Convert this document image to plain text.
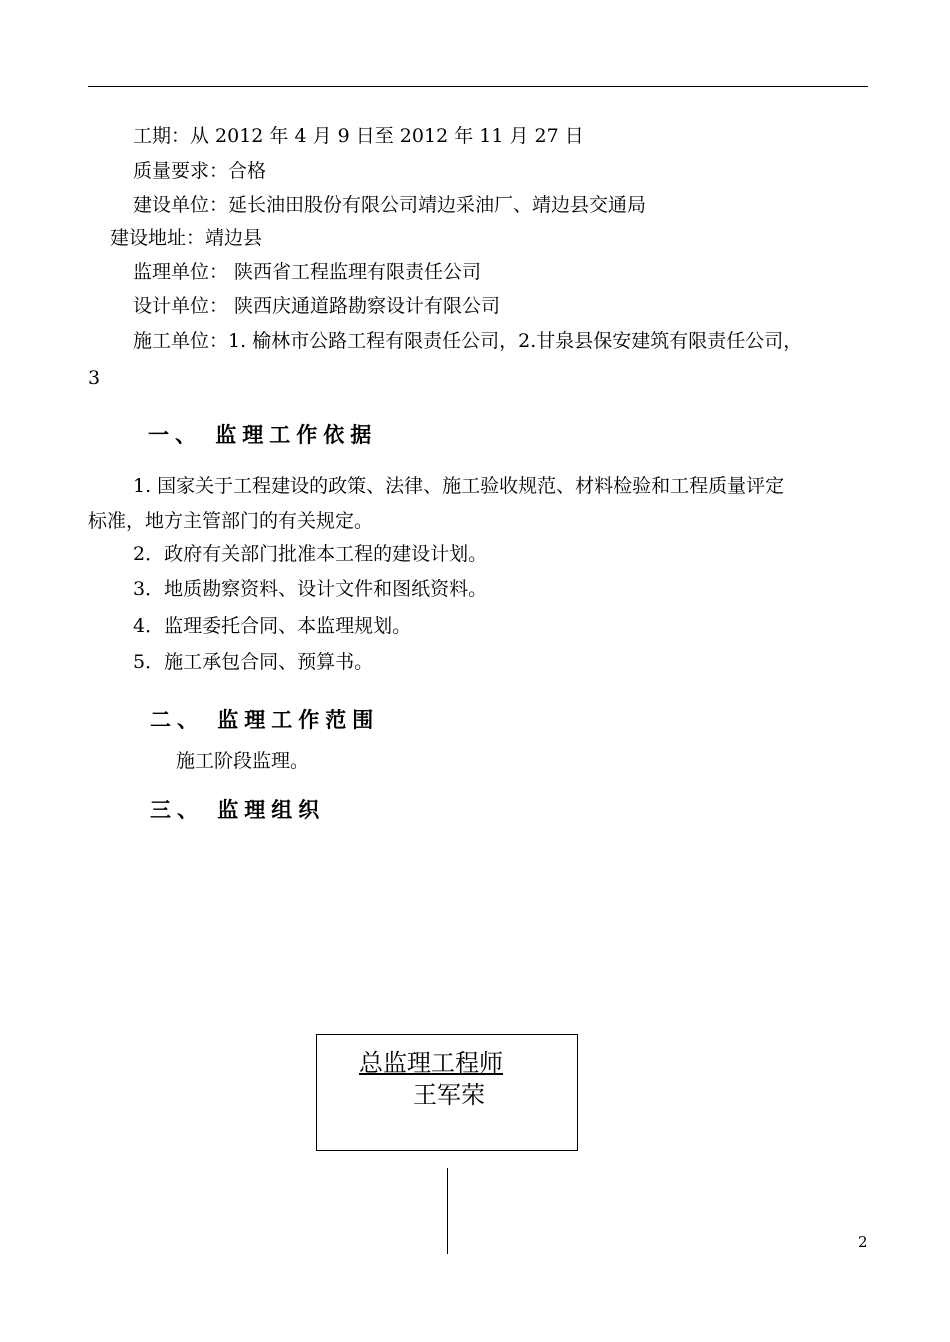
工期：从 2012 年 4 月 9 日至 2012 年 11 月 27 日
质量要求：合格
建设单位：延长油田股份有限公司靖边采油厂、靖边县交通局
建设地址：靖边县
监理单位： 陕西省工程监理有限责任公司
设计单位： 陕西庆通道路勘察设计有限公司
施工单位：1. 榆林市公路工程有限责任公司，2.甘泉县保安建筑有限责任公司，
3
一、 监理工作依据
1. 国家关于工程建设的政策、法律、施工验收规范、材料检验和工程质量评定
标准，地方主管部门的有关规定。
2．政府有关部门批准本工程的建设计划。
3．地质勘察资料、设计文件和图纸资料。
4．监理委托合同、本监理规划。
5．施工承包合同、预算书。
二、 监理工作范围
施工阶段监理。
三、 监理组织
总监理工程师
王军荣
2
